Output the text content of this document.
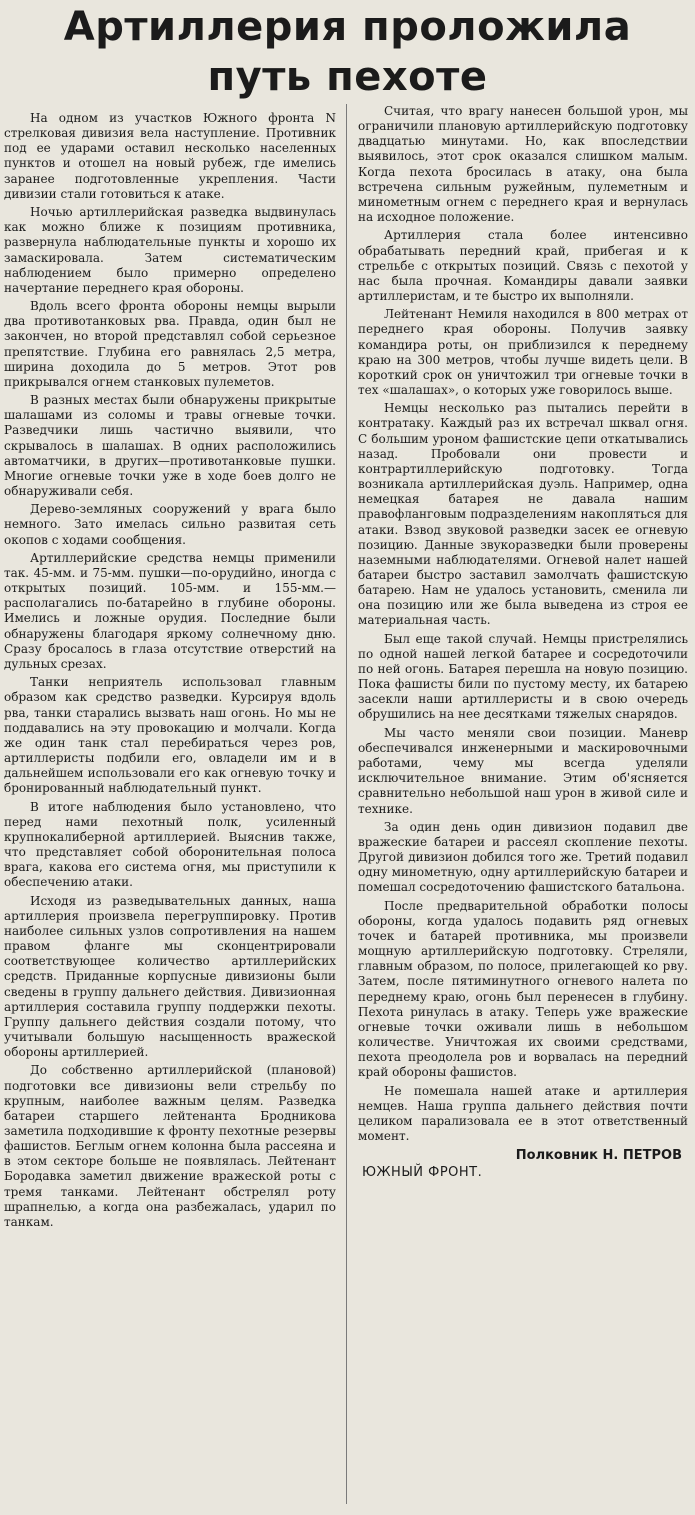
Артиллерия проложила
путь пехоте

На одном из участков Южного фронта N стрелковая дивизия вела наступление. Противник под ее ударами оставил несколько населенных пунктов и отошел на новый рубеж, где имелись заранее подготовленные укрепления. Части дивизии стали готовиться к атаке.

Ночью артиллерийская разведка выдвинулась как можно ближе к позициям противника, развернула наблюдательные пункты и хорошо их замаскировала. Затем систематическим наблюдением было примерно определено начертание переднего края обороны.

Вдоль всего фронта обороны немцы вырыли два противотанковых рва. Правда, один был не закончен, но второй представлял собой серьезное препятствие. Глубина его равнялась 2,5 метра, ширина доходила до 5 метров. Этот ров прикрывался огнем станковых пулеметов.

В разных местах были обнаружены прикрытые шалашами из соломы и травы огневые точки. Разведчики лишь частично выявили, что скрывалось в шалашах. В одних расположились автоматчики, в других—противотанковые пушки. Многие огневые точки уже в ходе боев долго не обнаруживали себя.

Дерево-земляных сооружений у врага было немного. Зато имелась сильно развитая сеть окопов с ходами сообщения.

Артиллерийские средства немцы применили так. 45-мм. и 75-мм. пушки—по-орудийно, иногда с открытых позиций. 105-мм. и 155-мм.—располагались по-батарейно в глубине обороны. Имелись и ложные орудия. Последние были обнаружены благодаря яркому солнечному дню. Сразу бросалось в глаза отсутствие отверстий на дульных срезах.

Танки неприятель использовал главным образом как средство разведки. Курсируя вдоль рва, танки старались вызвать наш огонь. Но мы не поддавались на эту провокацию и молчали. Когда же один танк стал перебираться через ров, артиллеристы подбили его, овладели им и в дальнейшем использовали его как огневую точку и бронированный наблюдательный пункт.

В итоге наблюдения было установлено, что перед нами пехотный полк, усиленный крупнокалиберной артиллерией. Выяснив также, что представляет собой оборонительная полоса врага, какова его система огня, мы приступили к обеспечению атаки.

Исходя из разведывательных данных, наша артиллерия произвела перегруппировку. Против наиболее сильных узлов сопротивления на нашем правом фланге мы сконцентрировали соответствующее количество артиллерийских средств. Приданные корпусные дивизионы были сведены в группу дальнего действия. Дивизионная артиллерия составила группу поддержки пехоты. Группу дальнего действия создали потому, что учитывали большую насыщенность вражеской обороны артиллерией.

До собственно артиллерийской (плановой) подготовки все дивизионы вели стрельбу по крупным, наиболее важным целям. Разведка батареи старшего лейтенанта Бродникова заметила подходившие к фронту пехотные резервы фашистов. Беглым огнем колонна была рассеяна и в этом секторе больше не появлялась. Лейтенант Бородавка заметил движение вражеской роты с тремя танками. Лейтенант обстрелял роту шрапнелью, а когда она разбежалась, ударил по танкам.

Считая, что врагу нанесен большой урон, мы ограничили плановую артиллерийскую подготовку двадцатью минутами. Но, как впоследствии выявилось, этот срок оказался слишком малым. Когда пехота бросилась в атаку, она была встречена сильным ружейным, пулеметным и минометным огнем с переднего края и вернулась на исходное положение.

Артиллерия стала более интенсивно обрабатывать передний край, прибегая и к стрельбе с открытых позиций. Связь с пехотой у нас была прочная. Командиры давали заявки артиллеристам, и те быстро их выполняли.

Лейтенант Немиля находился в 800 метрах от переднего края обороны. Получив заявку командира роты, он приблизился к переднему краю на 300 метров, чтобы лучше видеть цели. В короткий срок он уничтожил три огневые точки в тех «шалашах», о которых уже говорилось выше.

Немцы несколько раз пытались перейти в контратаку. Каждый раз их встречал шквал огня. С большим уроном фашистские цепи откатывались назад. Пробовали они провести и контрартиллерийскую подготовку. Тогда возникала артиллерийская дуэль. Например, одна немецкая батарея не давала нашим правофланговым подразделениям накопляться для атаки. Взвод звуковой разведки засек ее огневую позицию. Данные звукоразведки были проверены наземными наблюдателями. Огневой налет нашей батареи быстро заставил замолчать фашистскую батарею. Нам не удалось установить, сменила ли она позицию или же была выведена из строя ее материальная часть.

Был еще такой случай. Немцы пристрелялись по одной нашей легкой батарее и сосредоточили по ней огонь. Батарея перешла на новую позицию. Пока фашисты били по пустому месту, их батарею засекли наши артиллеристы и в свою очередь обрушились на нее десятками тяжелых снарядов.

Мы часто меняли свои позиции. Маневр обеспечивался инженерными и маскировочными работами, чему мы всегда уделяли исключительное внимание. Этим об'ясняется сравнительно небольшой наш урон в живой силе и технике.

За один день один дивизион подавил две вражеские батареи и рассеял скопление пехоты. Другой дивизион добился того же. Третий подавил одну минометную, одну артиллерийскую батареи и помешал сосредоточению фашистского батальона.

После предварительной обработки полосы обороны, когда удалось подавить ряд огневых точек и батарей противника, мы произвели мощную артиллерийскую подготовку. Стреляли, главным образом, по полосе, прилегающей ко рву. Затем, после пятиминутного огневого налета по переднему краю, огонь был перенесен в глубину. Пехота ринулась в атаку. Теперь уже вражеские огневые точки оживали лишь в небольшом количестве. Уничтожая их своими средствами, пехота преодолела ров и ворвалась на передний край обороны фашистов.

Не помешала нашей атаке и артиллерия немцев. Наша группа дальнего действия почти целиком парализовала ее в этот ответственный момент.

Полковник Н. ПЕТРОВ
ЮЖНЫЙ ФРОНТ.
